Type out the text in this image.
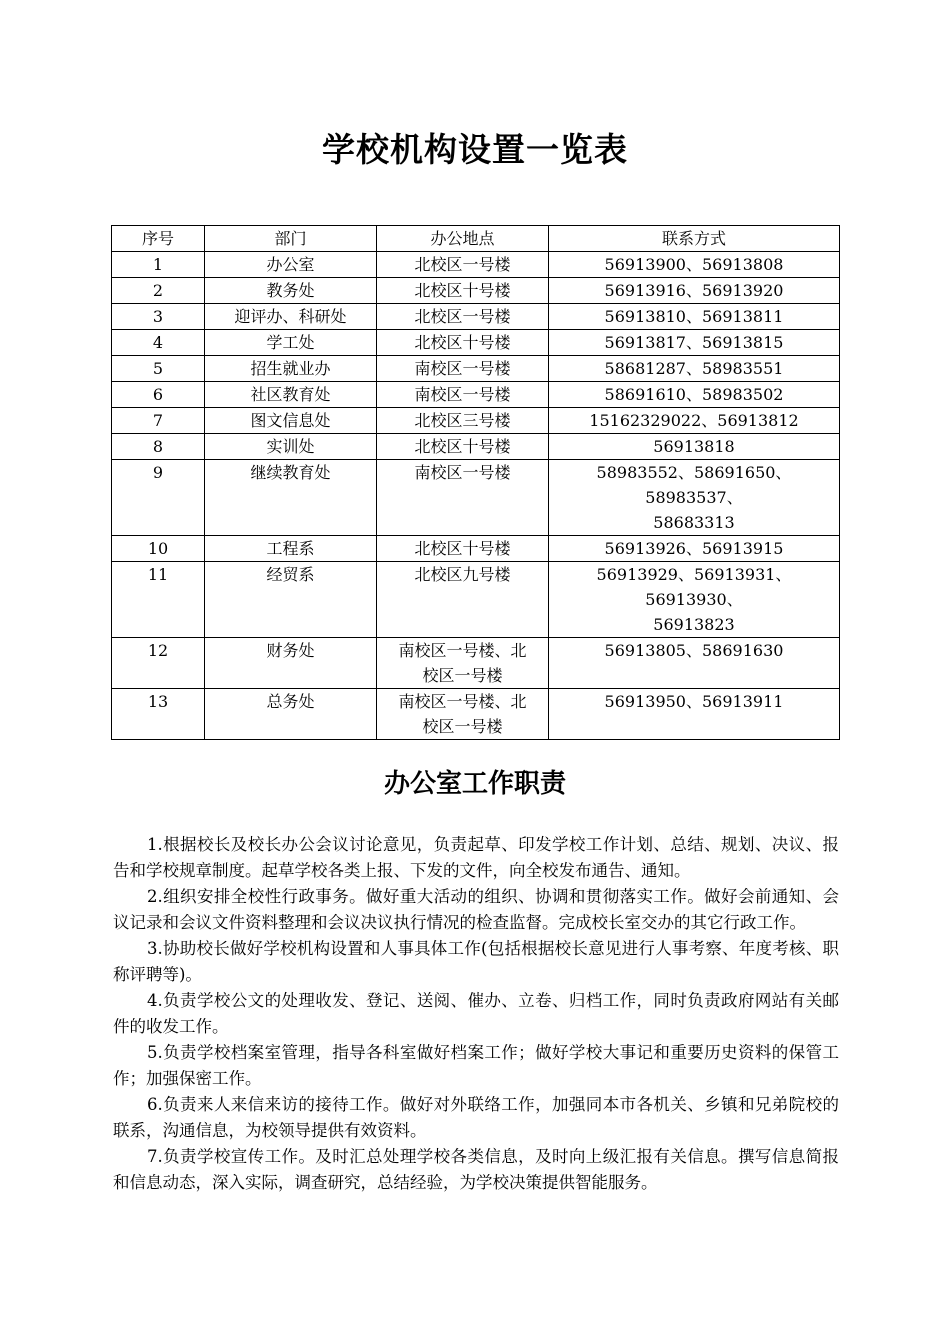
学校机构设置一览表
序号	部门	办公地点	联系方式
1	办公室	北校区一号楼	56913900、56913808
2	教务处	北校区十号楼	56913916、56913920
3	迎评办、科研处	北校区一号楼	56913810、56913811
4	学工处	北校区十号楼	56913817、56913815
5	招生就业办	南校区一号楼	58681287、58983551
6	社区教育处	南校区一号楼	58691610、58983502
7	图文信息处	北校区三号楼	15162329022、56913812
8	实训处	北校区十号楼	56913818
9	继续教育处	南校区一号楼	58983552、58691650、58983537、
58683313
10	工程系	北校区十号楼	56913926、56913915
11	经贸系	北校区九号楼	56913929、56913931、56913930、
56913823
12	财务处	南校区一号楼、北
校区一号楼	56913805、58691630
13	总务处	南校区一号楼、北
校区一号楼	56913950、56913911
办公室工作职责

1.根据校长及校长办公会议讨论意见，负责起草、印发学校工作计划、总结、规划、决议、报告和学校规章制度。起草学校各类上报、下发的文件，向全校发布通告、通知。

2.组织安排全校性行政事务。做好重大活动的组织、协调和贯彻落实工作。做好会前通知、会议记录和会议文件资料整理和会议决议执行情况的检查监督。完成校长室交办的其它行政工作。

3.协助校长做好学校机构设置和人事具体工作(包括根据校长意见进行人事考察、年度考核、职称评聘等)。

4.负责学校公文的处理收发、登记、送阅、催办、立卷、归档工作，同时负责政府网站有关邮件的收发工作。

5.负责学校档案室管理，指导各科室做好档案工作；做好学校大事记和重要历史资料的保管工作；加强保密工作。

6.负责来人来信来访的接待工作。做好对外联络工作，加强同本市各机关、乡镇和兄弟院校的联系，沟通信息，为校领导提供有效资料。

7.负责学校宣传工作。及时汇总处理学校各类信息，及时向上级汇报有关信息。撰写信息简报和信息动态，深入实际，调查研究，总结经验，为学校决策提供智能服务。
